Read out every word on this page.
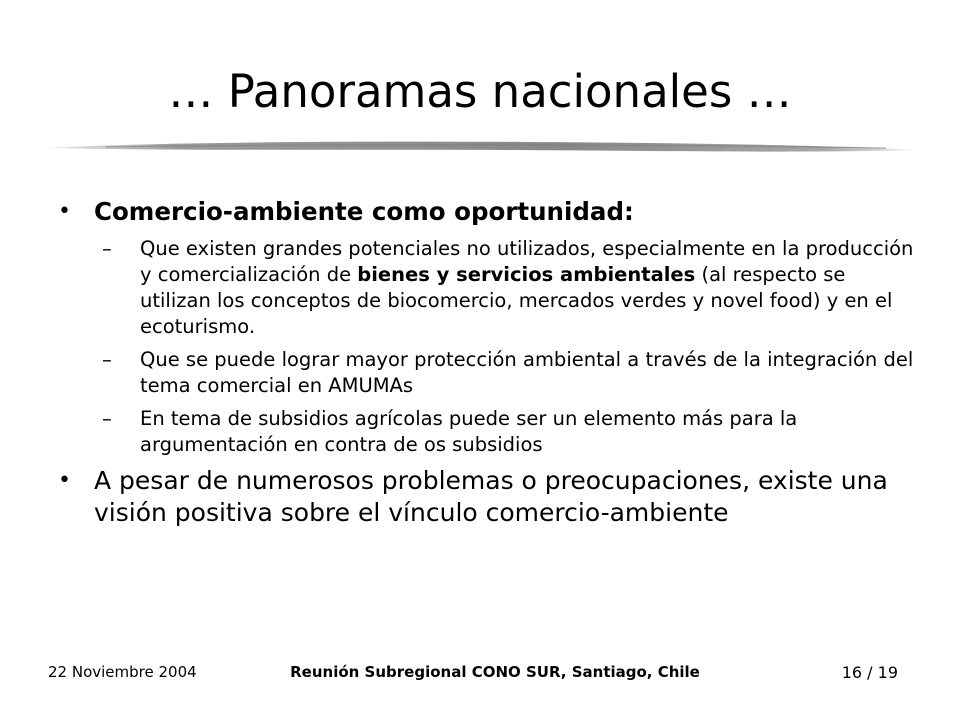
… Panoramas nacionales …
• Comercio-ambiente como oportunidad:
– Que existen grandes potenciales no utilizados, especialmente en la producción y comercialización de bienes y servicios ambientales (al respecto se utilizan los conceptos de biocomercio, mercados verdes y novel food) y en el ecoturismo.
– Que se puede lograr mayor protección ambiental a través de la integración del tema comercial en AMUMAs
– En tema de subsidios agrícolas puede ser un elemento más para la argumentación en contra de os subsidios
• A pesar de numerosos problemas o preocupaciones, existe una visión positiva sobre el vínculo comercio-ambiente
22 Noviembre 2004	Reunión Subregional CONO SUR, Santiago, Chile	16 / 19
